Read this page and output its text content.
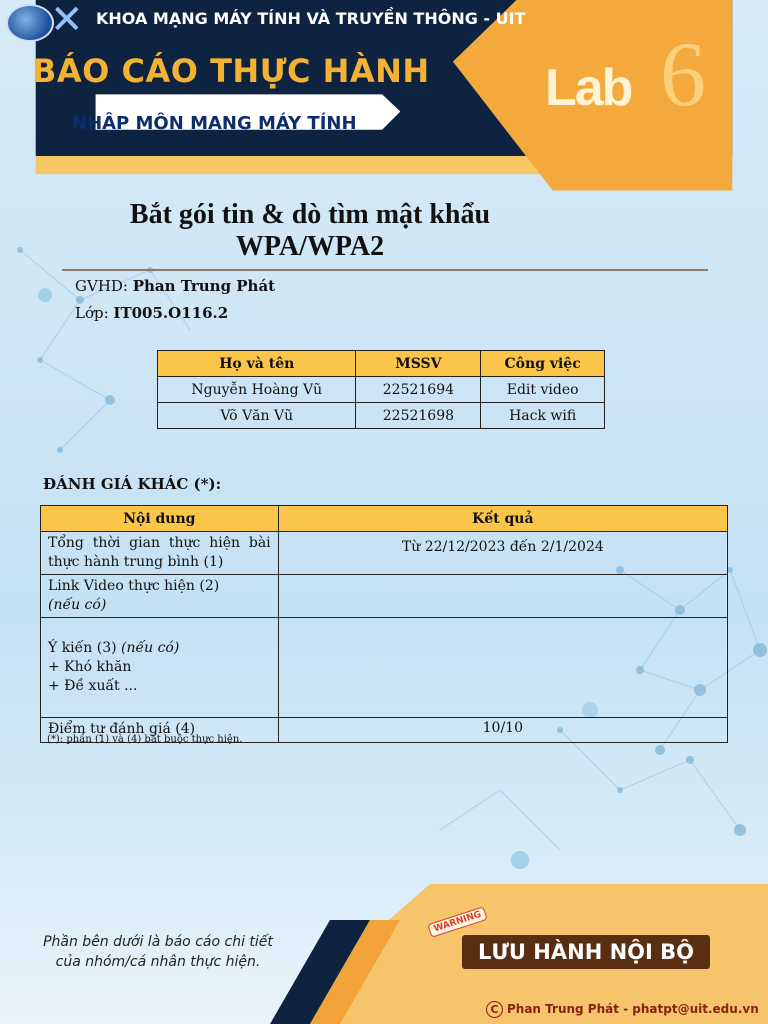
✕ KHOA MẠNG MÁY TÍNH VÀ TRUYỀN THÔNG - UIT
BÁO CÁO THỰC HÀNH
NHẬP MÔN MẠNG MÁY TÍNH
Lab 6
Bắt gói tin & dò tìm mật khẩu
WPA/WPA2
GVHD: Phan Trung Phát
Lớp: IT005.O116.2
Họ và tên	MSSV	Công việc
Nguyễn Hoàng Vũ	22521694	Edit video
Võ Văn Vũ	22521698	Hack wifi
ĐÁNH GIÁ KHÁC (*):
Nội dung	Kết quả
Tổng thời gian thực hiện bài thực hành trung bình (1)	Từ 22/12/2023 đến 2/1/2024

Link Video thực hiện (2)
(nếu có)	

Ý kiến (3) (nếu có)
+ Khó khăn
+ Đề xuất ...	

Điểm tự đánh giá (4)	10/10
(*): phần (1) và (4) bắt buộc thực hiện.
Phần bên dưới là báo cáo chi tiết
của nhóm/cá nhân thực hiện.
WARNING
LƯU HÀNH NỘI BỘ
C Phan Trung Phát - phatpt@uit.edu.vn
